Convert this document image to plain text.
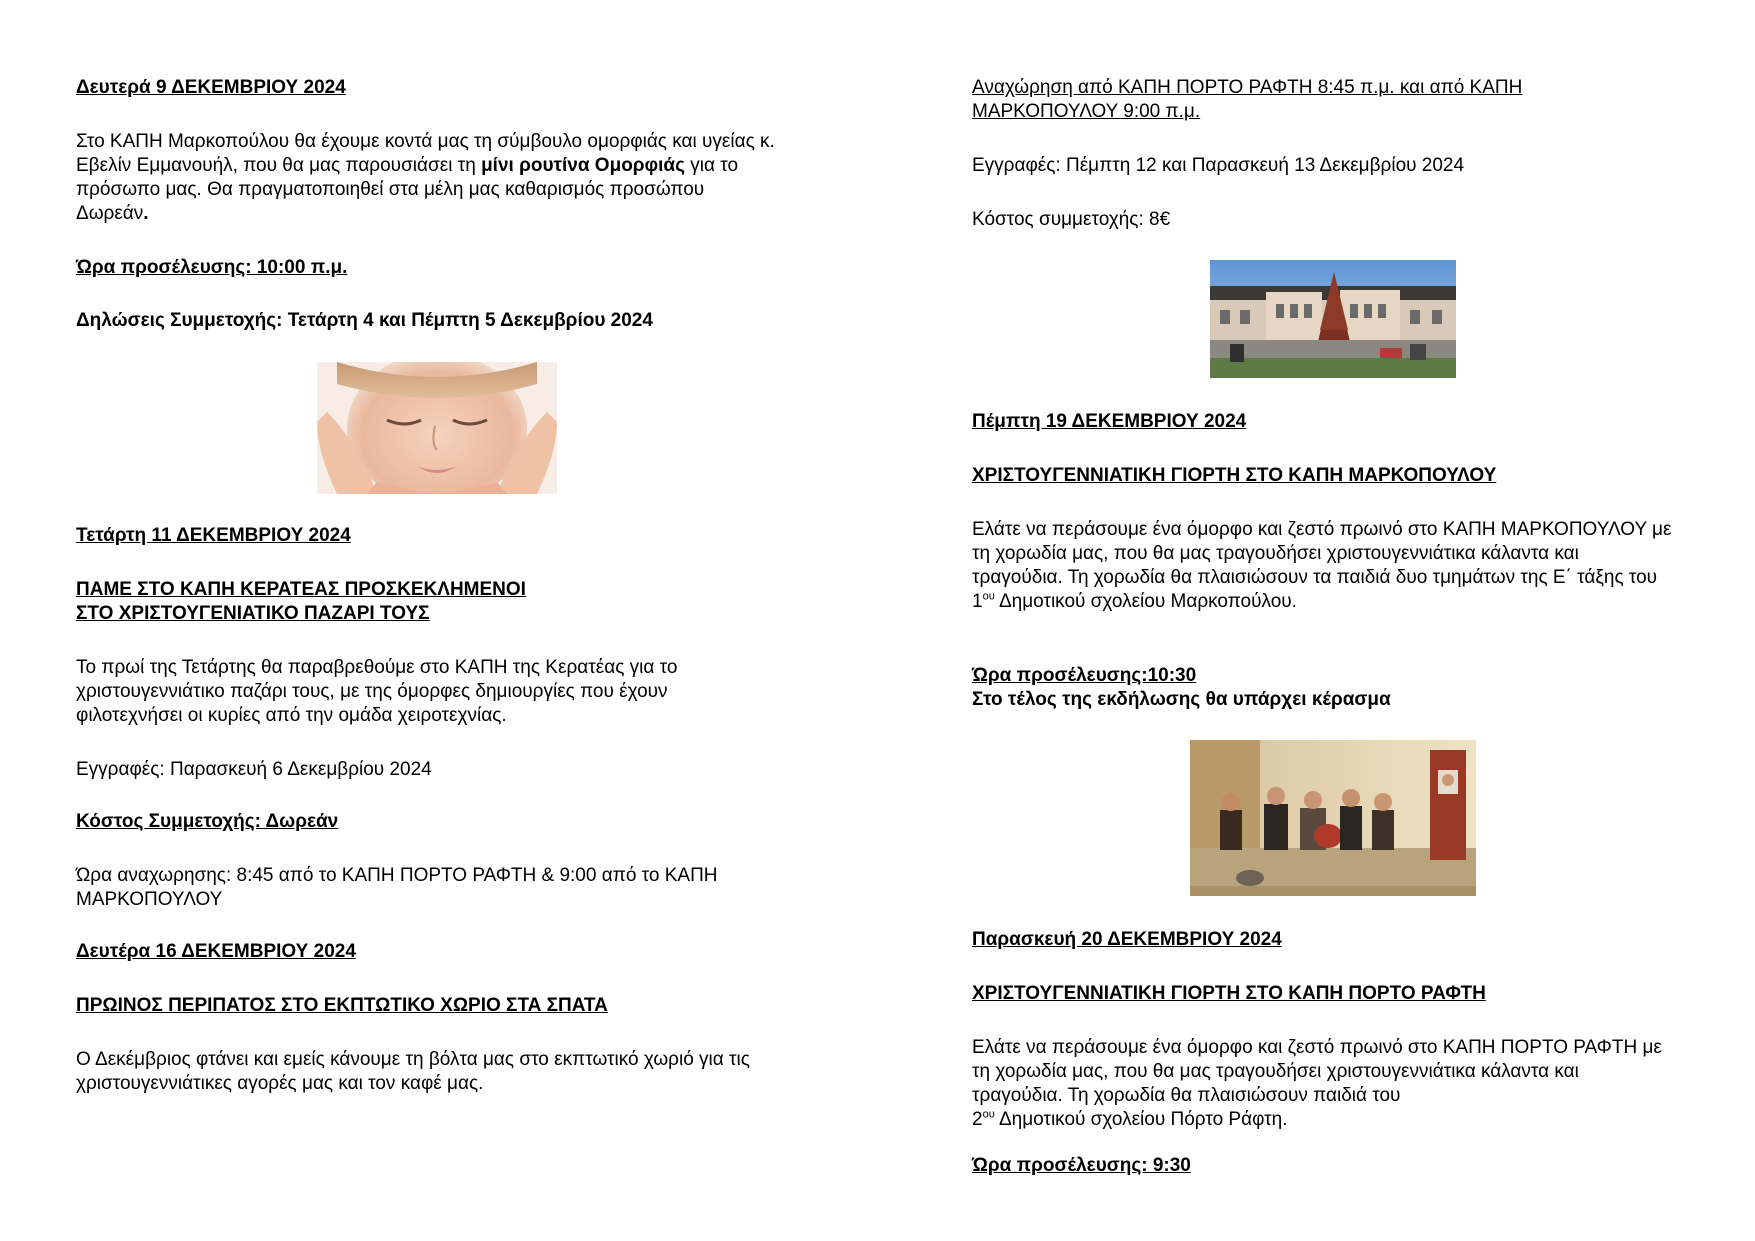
Δευτερά 9 ΔΕΚΕΜΒΡΙΟΥ 2024
Στο ΚΑΠΗ Μαρκοπούλου θα έχουμε κοντά μας τη σύμβουλο ομορφιάς και υγείας κ. Εβελίν Εμμανουήλ, που θα μας παρουσιάσει τη μίνι ρουτίνα Ομορφιάς για το πρόσωπο μας. Θα πραγματοποιηθεί στα μέλη μας καθαρισμός προσώπου Δωρεάν.
Ώρα προσέλευσης: 10:00 π.μ.
Δηλώσεις Συμμετοχής: Τετάρτη 4 και Πέμπτη 5 Δεκεμβρίου 2024
Τετάρτη 11 ΔΕΚΕΜΒΡΙΟΥ 2024
ΠΑΜΕ ΣΤΟ ΚΑΠΗ ΚΕΡΑΤΕΑΣ ΠΡΟΣΚΕΚΛΗΜΕΝΟΙ
ΣΤΟ ΧΡΙΣΤΟΥΓΕΝΙΑΤΙΚΟ ΠΑΖΑΡΙ ΤΟΥΣ
Το πρωί της Τετάρτης θα παραβρεθούμε στο ΚΑΠΗ της Κερατέας για το χριστουγεννιάτικο παζάρι τους, με της όμορφες δημιουργίες που έχουν φιλοτεχνήσει οι κυρίες από την ομάδα χειροτεχνίας.
Εγγραφές: Παρασκευή 6 Δεκεμβρίου 2024
Κόστος Συμμετοχής: Δωρεάν
Ώρα αναχωρησης: 8:45 από το ΚΑΠΗ ΠΟΡΤΟ ΡΑΦΤΗ & 9:00 από το ΚΑΠΗ ΜΑΡΚΟΠΟΥΛΟΥ
Δευτέρα 16 ΔΕΚΕΜΒΡΙΟΥ 2024
ΠΡΩΙΝΟΣ ΠΕΡΙΠΑΤΟΣ ΣΤΟ ΕΚΠΤΩΤΙΚΟ ΧΩΡΙΟ ΣΤΑ ΣΠΑΤΑ
Ο Δεκέμβριος φτάνει και εμείς κάνουμε τη βόλτα μας στο εκπτωτικό χωριό για τις χριστουγεννιάτικες αγορές μας και τον καφέ μας.
Αναχώρηση από ΚΑΠΗ ΠΟΡΤΟ ΡΑΦΤΗ 8:45 π.μ. και από ΚΑΠΗ ΜΑΡΚΟΠΟΥΛΟΥ 9:00 π.μ.
Εγγραφές: Πέμπτη 12 και Παρασκευή 13 Δεκεμβρίου 2024
Κόστος συμμετοχής: 8€
Πέμπτη 19 ΔΕΚΕΜΒΡΙΟΥ 2024
ΧΡΙΣΤΟΥΓΕΝΝΙΑΤΙΚΗ ΓΙΟΡΤΗ ΣΤΟ ΚΑΠΗ ΜΑΡΚΟΠΟΥΛΟΥ
Ελάτε να περάσουμε ένα όμορφο και ζεστό πρωινό στο ΚΑΠΗ ΜΑΡΚΟΠΟΥΛΟΥ με τη χορωδία μας, που θα μας τραγουδήσει χριστουγεννιάτικα κάλαντα και τραγούδια. Τη χορωδία θα πλαισιώσουν τα παιδιά δυο τμημάτων της Ε΄ τάξης του $1^{o\upsilon}$ Δημοτικού σχολείου Μαρκοπούλου.
Ώρα προσέλευσης:10:30
Στο τέλος της εκδήλωσης θα υπάρχει κέρασμα
Παρασκευή 20 ΔΕΚΕΜΒΡΙΟΥ 2024
ΧΡΙΣΤΟΥΓΕΝΝΙΑΤΙΚΗ ΓΙΟΡΤΗ ΣΤΟ ΚΑΠΗ ΠΟΡΤΟ ΡΑΦΤΗ
Ελάτε να περάσουμε ένα όμορφο και ζεστό πρωινό στο ΚΑΠΗ ΠΟΡΤΟ ΡΑΦΤΗ με τη χορωδία μας, που θα μας τραγουδήσει χριστουγεννιάτικα κάλαντα και τραγούδια. Τη χορωδία θα πλαισιώσουν παιδιά του
$2^{o\upsilon}$ Δημοτικού σχολείου Πόρτο Ράφτη.
Ώρα προσέλευσης: 9:30
